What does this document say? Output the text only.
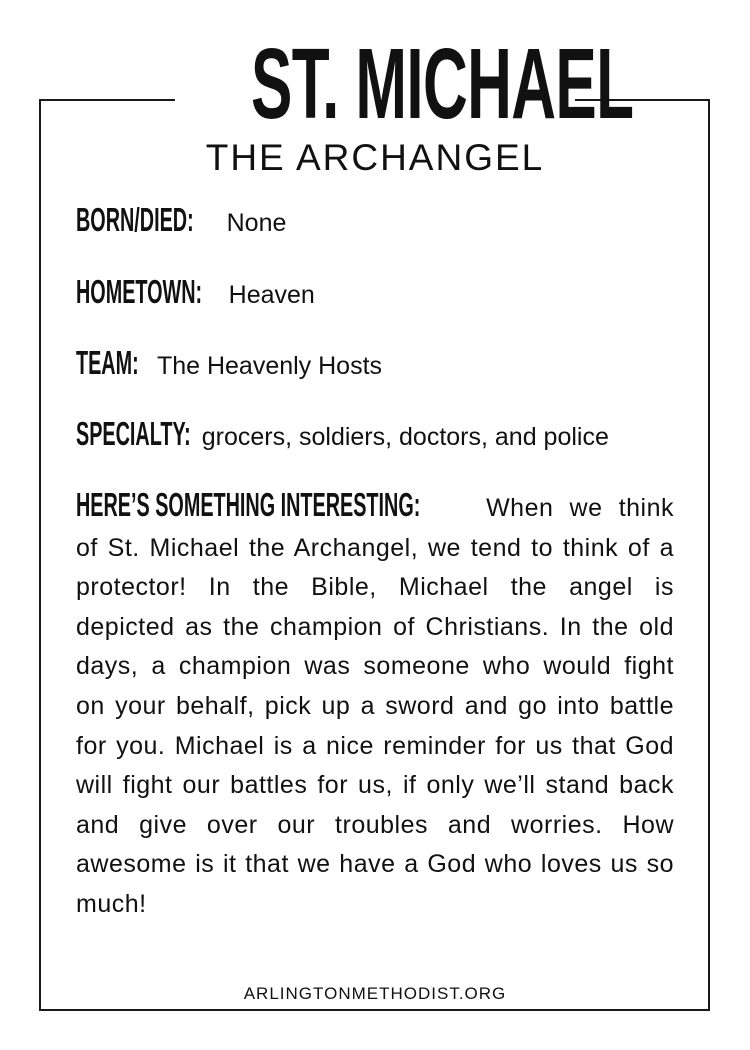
ST. MICHAEL
THE ARCHANGEL
BORN/DIED: None
HOMETOWN: Heaven
TEAM: The Heavenly Hosts
SPECIALTY: grocers, soldiers, doctors, and police
HERE’S SOMETHING INTERESTING:	When we think of St. Michael the Archangel, we tend to think of a protector! In the Bible, Michael the angel is depicted as the champion of Christians. In the old days, a champion was someone who would fight on your behalf, pick up a sword and go into battle for you. Michael is a nice reminder for us that God will fight our battles for us, if only we’ll stand back and give over our troubles and worries. How awesome is it that we have a God who loves us so much!
ARLINGTONMETHODIST.ORG
